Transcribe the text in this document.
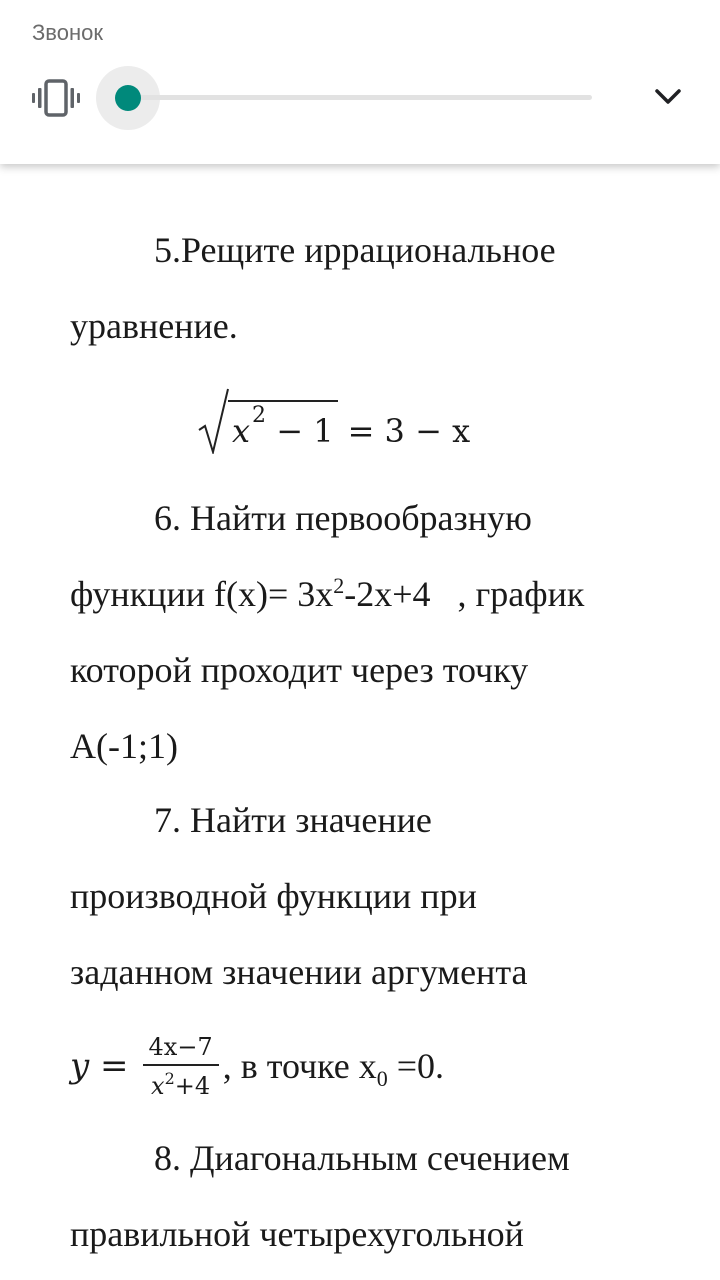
5.Рещите иррациональное
уравнение.
x 2
− 1 = 3 − x
6. Найти первообразную
функции $f(x)= 3x^2-2x+4$   , график
которой проходит через точку
A(-1;1)
7. Найти значение
производной функции при
заданном значении аргумента
$y = \frac{4x-7}{x^2+4}$ , в точке $x_0 =0$.
8. Диагональным сечением
правильной четырехугольной
Звонок
